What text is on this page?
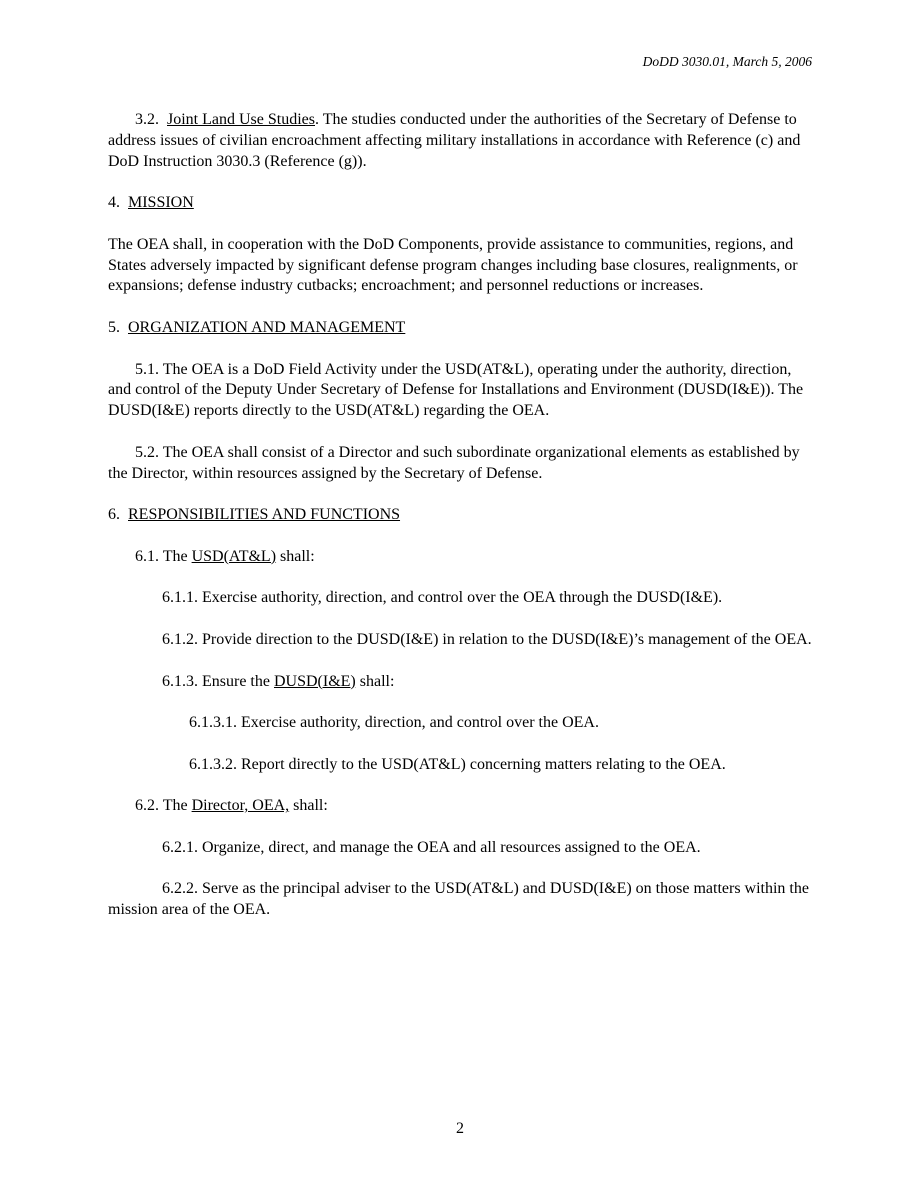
DoDD 3030.01, March 5, 2006

3.2. Joint Land Use Studies. The studies conducted under the authorities of the Secretary of Defense to address issues of civilian encroachment affecting military installations in accordance with Reference (c) and DoD Instruction 3030.3 (Reference (g)).

4. MISSION

The OEA shall, in cooperation with the DoD Components, provide assistance to communities, regions, and States adversely impacted by significant defense program changes including base closures, realignments, or expansions; defense industry cutbacks; encroachment; and personnel reductions or increases.

5. ORGANIZATION AND MANAGEMENT

5.1. The OEA is a DoD Field Activity under the USD(AT&L), operating under the authority, direction, and control of the Deputy Under Secretary of Defense for Installations and Environment (DUSD(I&E)). The DUSD(I&E) reports directly to the USD(AT&L) regarding the OEA.

5.2. The OEA shall consist of a Director and such subordinate organizational elements as established by the Director, within resources assigned by the Secretary of Defense.

6. RESPONSIBILITIES AND FUNCTIONS

6.1. The USD(AT&L) shall:

6.1.1. Exercise authority, direction, and control over the OEA through the DUSD(I&E).

6.1.2. Provide direction to the DUSD(I&E) in relation to the DUSD(I&E)’s management of the OEA.

6.1.3. Ensure the DUSD(I&E) shall:

6.1.3.1. Exercise authority, direction, and control over the OEA.

6.1.3.2. Report directly to the USD(AT&L) concerning matters relating to the OEA.

6.2. The Director, OEA, shall:

6.2.1. Organize, direct, and manage the OEA and all resources assigned to the OEA.

6.2.2. Serve as the principal adviser to the USD(AT&L) and DUSD(I&E) on those matters within the mission area of the OEA.

2
